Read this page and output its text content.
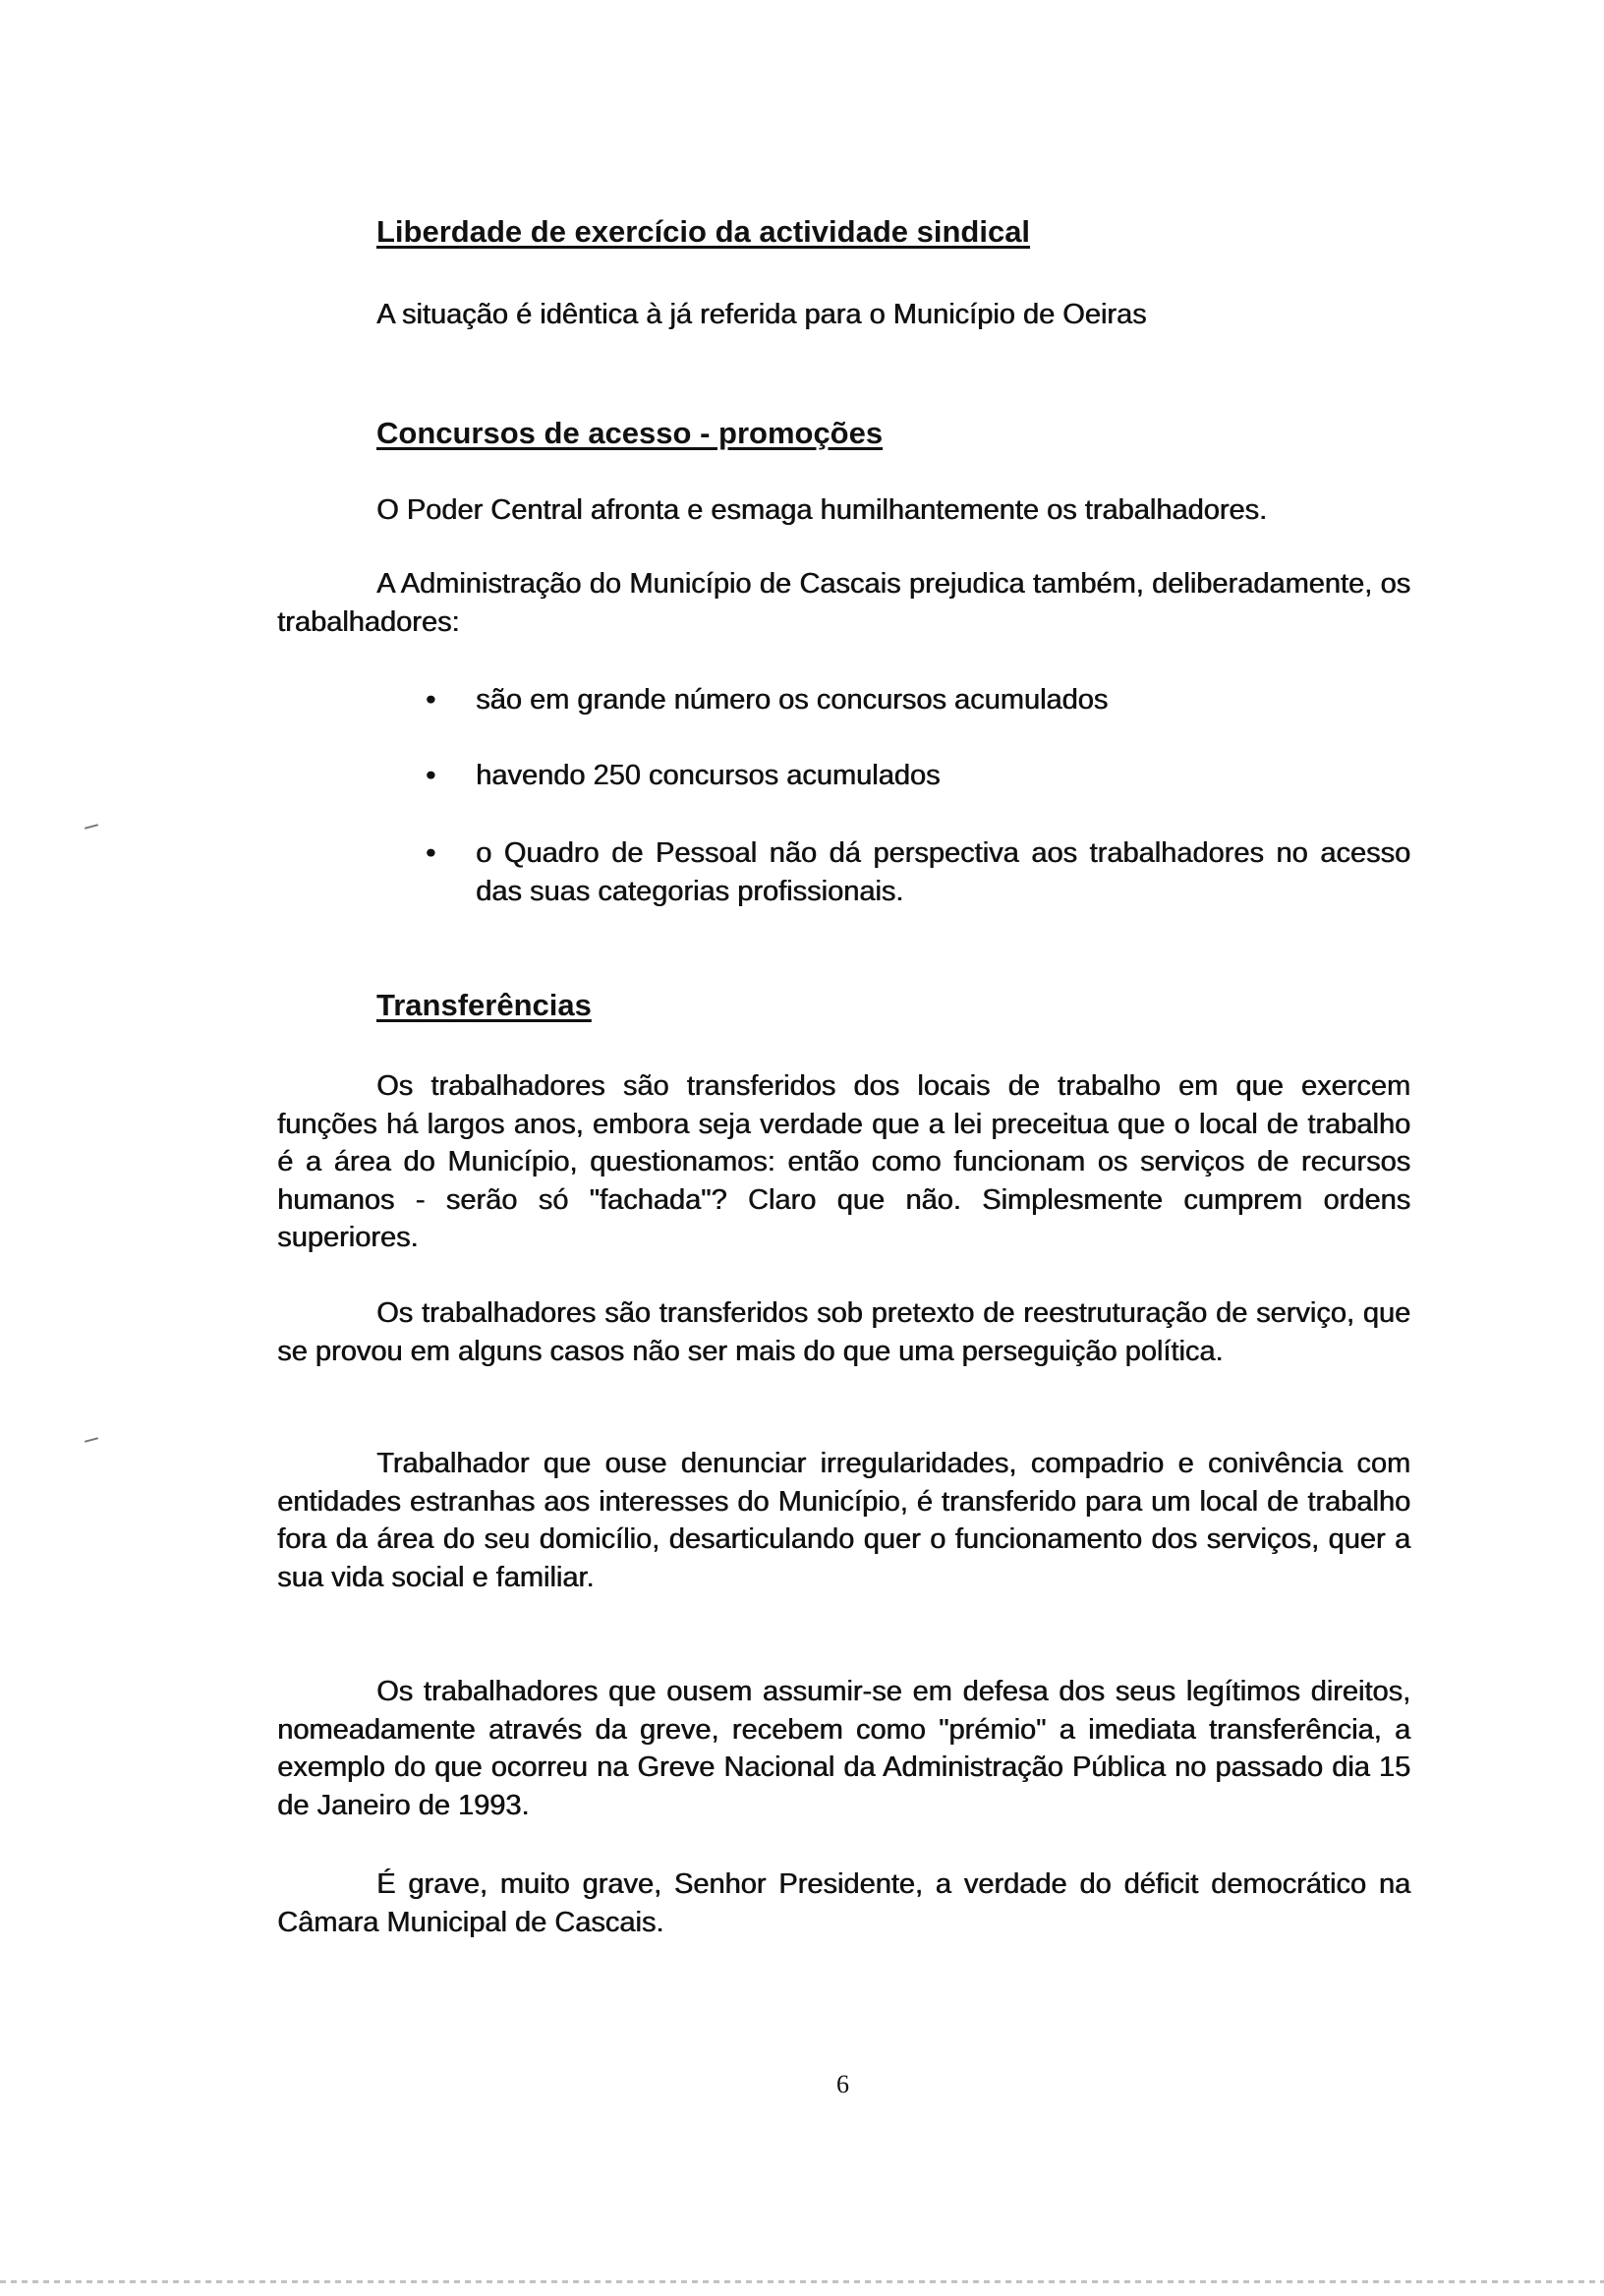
Liberdade de exercício da actividade sindical
A situação é idêntica à já referida para o Município de Oeiras
Concursos de acesso - promoções
O Poder Central afronta e esmaga humilhantemente os trabalhadores.
A Administração do Município de Cascais prejudica também, deliberadamente, os trabalhadores:
• são em grande número os concursos acumulados
• havendo 250 concursos acumulados
• o Quadro de Pessoal não dá perspectiva aos trabalhadores no acesso das suas categorias profissionais.
Transferências
Os trabalhadores são transferidos dos locais de trabalho em que exercem funções há largos anos, embora seja verdade que a lei preceitua que o local de trabalho é a área do Município, questionamos: então como funcionam os serviços de recursos humanos - serão só "fachada"? Claro que não. Simplesmente cumprem ordens superiores.
Os trabalhadores são transferidos sob pretexto de reestruturação de serviço, que se provou em alguns casos não ser mais do que uma perseguição política.
Trabalhador que ouse denunciar irregularidades, compadrio e conivência com entidades estranhas aos interesses do Município, é transferido para um local de trabalho fora da área do seu domicílio, desarticulando quer o funcionamento dos serviços, quer a sua vida social e familiar.
Os trabalhadores que ousem assumir-se em defesa dos seus legítimos direitos, nomeadamente através da greve, recebem como "prémio" a imediata transferência, a exemplo do que ocorreu na Greve Nacional da Administração Pública no passado dia 15 de Janeiro de 1993.
É grave, muito grave, Senhor Presidente, a verdade do déficit democrático na Câmara Municipal de Cascais.
6
